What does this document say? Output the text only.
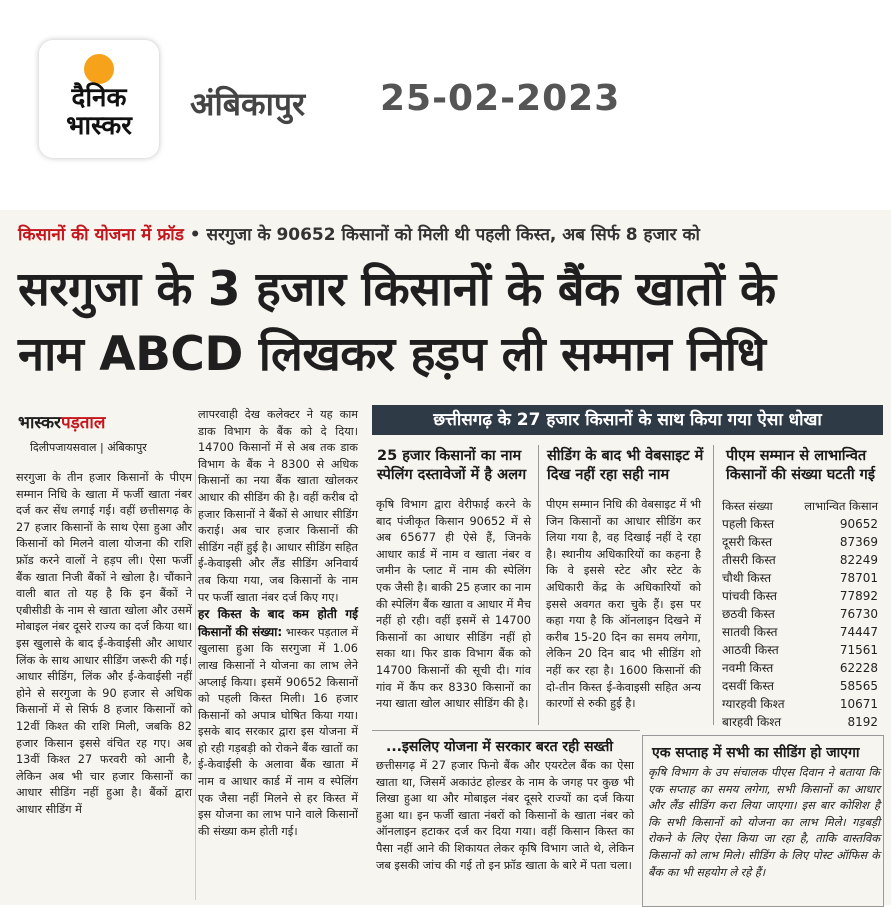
दैनिक
भास्कर
अंबिकापुर 25-02-2023
किसानों की योजना में फ्रॉड • सरगुजा के 90652 किसानों को मिली थी पहली किस्त, अब सिर्फ 8 हजार को
सरगुजा के 3 हजार किसानों के बैंक खातों के
नाम ABCD लिखकर हड़प ली सम्मान निधि
भास्करपड़ताल
दिलीपजायसवाल | अंबिकापुर
सरगुजा के तीन हजार किसानों के पीएम सम्मान निधि के खाता में फर्जी खाता नंबर दर्ज कर सेंध लगाई गई। वहीं छत्तीसगढ़ के 27 हजार किसानों के साथ ऐसा हुआ और किसानों को मिलने वाला योजना की राशि फ्रॉड करने वालों ने हड़प ली। ऐसा फर्जी बैंक खाता निजी बैंकों ने खोला है। चौंकाने वाली बात तो यह है कि इन बैंकों ने एबीसीडी के नाम से खाता खोला और उसमें मोबाइल नंबर दूसरे राज्य का दर्ज किया था। इस खुलासे के बाद ई-केवाईसी और आधार लिंक के साथ आधार सीडिंग जरूरी की गई। आधार सीडिंग, लिंक और ई-केवाईसी नहीं होने से सरगुजा के 90 हजार से अधिक किसानों में से सिर्फ 8 हजार किसानों को 12वीं किश्त की राशि मिली, जबकि 82 हजार किसान इससे वंचित रह गए। अब 13वीं किश्त 27 फरवरी को आनी है, लेकिन अब भी चार हजार किसानों का आधार सीडिंग नहीं हुआ है। बैंकों द्वारा आधार सीडिंग में

लापरवाही देख कलेक्टर ने यह काम डाक विभाग के बैंक को दे दिया। 14700 किसानों में से अब तक डाक विभाग के बैंक ने 8300 से अधिक किसानों का नया बैंक खाता खोलकर आधार की सीडिंग की है। वहीं करीब दो हजार किसानों ने बैंकों से आधार सीडिंग कराई। अब चार हजार किसानों की सीडिंग नहीं हुई है। आधार सीडिंग सहित ई-केवाइसी और लैंड सीडिंग अनिवार्य तब किया गया, जब किसानों के नाम पर फर्जी खाता नंबर दर्ज किए गए।

हर किस्त के बाद कम होती गई किसानों की संख्या: भास्कर पड़ताल में खुलासा हुआ कि सरगुजा में 1.06 लाख किसानों ने योजना का लाभ लेने अप्लाई किया। इसमें 90652 किसानों को पहली किस्त मिली। 16 हजार किसानों को अपात्र घोषित किया गया। इसके बाद सरकार द्वारा इस योजना में हो रही गड़बड़ी को रोकने बैंक खातों का ई-केवाईसी के अलावा बैंक खाता में नाम व आधार कार्ड में नाम व स्पेलिंग एक जैसा नहीं मिलने से हर किस्त में इस योजना का लाभ पाने वाले किसानों की संख्या कम होती गई।

छत्तीसगढ़ के 27 हजार किसानों के साथ किया गया ऐसा धोखा
25 हजार किसानों का नाम स्पेलिंग दस्तावेजों में है अलग
कृषि विभाग द्वारा वेरीफाई करने के बाद पंजीकृत किसान 90652 में से अब 65677 ही ऐसे हैं, जिनके आधार कार्ड में नाम व खाता नंबर व जमीन के प्लाट में नाम की स्पेलिंग एक जैसी है। बाकी 25 हजार का नाम की स्पेलिंग बैंक खाता व आधार में मैच नहीं हो रही। वहीं इसमें से 14700 किसानों का आधार सीडिंग नहीं हो सका था। फिर डाक विभाग बैंक को 14700 किसानों की सूची दी। गांव गांव में कैंप कर 8330 किसानों का नया खाता खोल आधार सीडिंग की है।
सीडिंग के बाद भी वेबसाइट में दिख नहीं रहा सही नाम
पीएम सम्मान निधि की वेबसाइट में भी जिन किसानों का आधार सीडिंग कर लिया गया है, वह दिखाई नहीं दे रहा है। स्थानीय अधिकारियों का कहना है कि वे इससे स्टेट और स्टेट के अधिकारी केंद्र के अधिकारियों को इससे अवगत करा चुके हैं। इस पर कहा गया है कि ऑनलाइन दिखने में करीब 15-20 दिन का समय लगेगा, लेकिन 20 दिन बाद भी सीडिंग शो नहीं कर रहा है। 1600 किसानों की दो-तीन किस्त ई-केवाइसी सहित अन्य कारणों से रुकी हुई है।
पीएम सम्मान से लाभान्वित किसानों की संख्या घटती गई
किस्त संख्या	लाभान्वित किसान
पहली किस्त	90652
दूसरी किस्त	87369
तीसरी किस्त	82249
चौथी किस्त	78701
पांचवी किस्त	77892
छठवी किस्त	76730
सातवी किस्त	74447
आठवी किस्त	71561
नवमी किस्त	62228
दसवीं किस्त	58565
ग्यारहवी किश्त	10671
बारहवी किश्त	8192
...इसलिए योजना में सरकार बरत रही सख्ती
छत्तीसगढ़ में 27 हजार फिनो बैंक और एयरटेल बैंक का ऐसा खाता था, जिसमें अकाउंट होल्डर के नाम के जगह पर कुछ भी लिखा हुआ था और मोबाइल नंबर दूसरे राज्यों का दर्ज किया हुआ था। इन फर्जी खाता नंबरों को किसानों के खाता नंबर को ऑनलाइन हटाकर दर्ज कर दिया गया। वहीं किसान किस्त का पैसा नहीं आने की शिकायत लेकर कृषि विभाग जाते थे, लेकिन जब इसकी जांच की गई तो इन फ्रॉड खाता के बारे में पता चला।
एक सप्ताह में सभी का सीडिंग हो जाएगा
कृषि विभाग के उप संचालक पीएस दिवान ने बताया कि एक सप्ताह का समय लगेगा, सभी किसानों का आधार और लैंड सीडिंग करा लिया जाएगा। इस बार कोशिश है कि सभी किसानों को योजना का लाभ मिले। गड़बड़ी रोकने के लिए ऐसा किया जा रहा है, ताकि वास्तविक किसानों को लाभ मिले। सीडिंग के लिए पोस्ट ऑफिस के बैंक का भी सहयोग ले रहे हैं।
